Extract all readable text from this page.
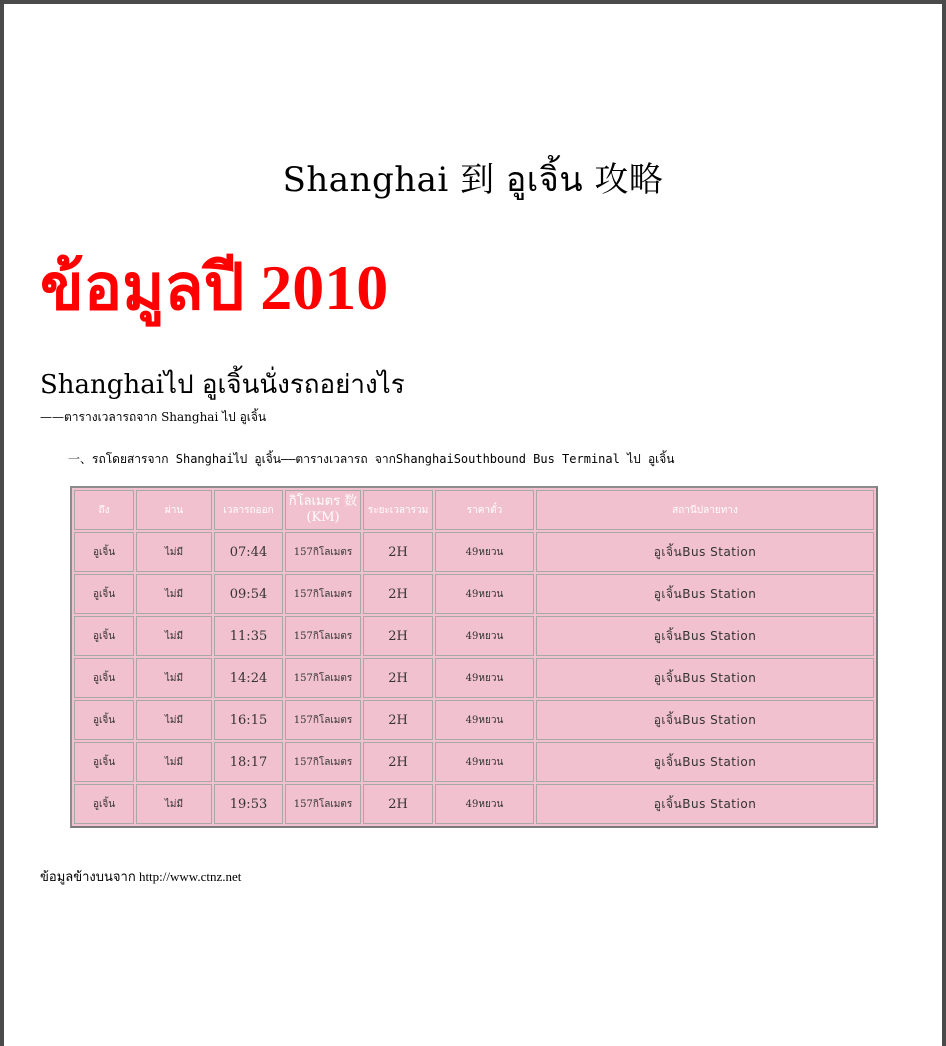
Shanghai 到 อูเจิ้น 攻略
ข้อมูลปี 2010
Shanghaiไป อูเจิ้นนั่งรถอย่างไร
——ตารางเวลารถจาก Shanghai ไป อูเจิ้น
一、รถโดยสารจาก Shanghaiไป อูเจิ้น——ตารางเวลารถ จากShanghaiSouthbound Bus Terminal ไป อูเจิ้น
ถึง	ผ่าน	เวลารถออก	กิโลเมตร 数(KM)	ระยะเวลารวม	ราคาตั๋ว	สถานีปลายทาง
อูเจิ้น	ไม่มี	07:44	157กิโลเมตร	2H	49หยวน	อูเจิ้นBus Station
อูเจิ้น	ไม่มี	09:54	157กิโลเมตร	2H	49หยวน	อูเจิ้นBus Station
อูเจิ้น	ไม่มี	11:35	157กิโลเมตร	2H	49หยวน	อูเจิ้นBus Station
อูเจิ้น	ไม่มี	14:24	157กิโลเมตร	2H	49หยวน	อูเจิ้นBus Station
อูเจิ้น	ไม่มี	16:15	157กิโลเมตร	2H	49หยวน	อูเจิ้นBus Station
อูเจิ้น	ไม่มี	18:17	157กิโลเมตร	2H	49หยวน	อูเจิ้นBus Station
อูเจิ้น	ไม่มี	19:53	157กิโลเมตร	2H	49หยวน	อูเจิ้นBus Station
ข้อมูลข้างบนจาก http://www.ctnz.net
